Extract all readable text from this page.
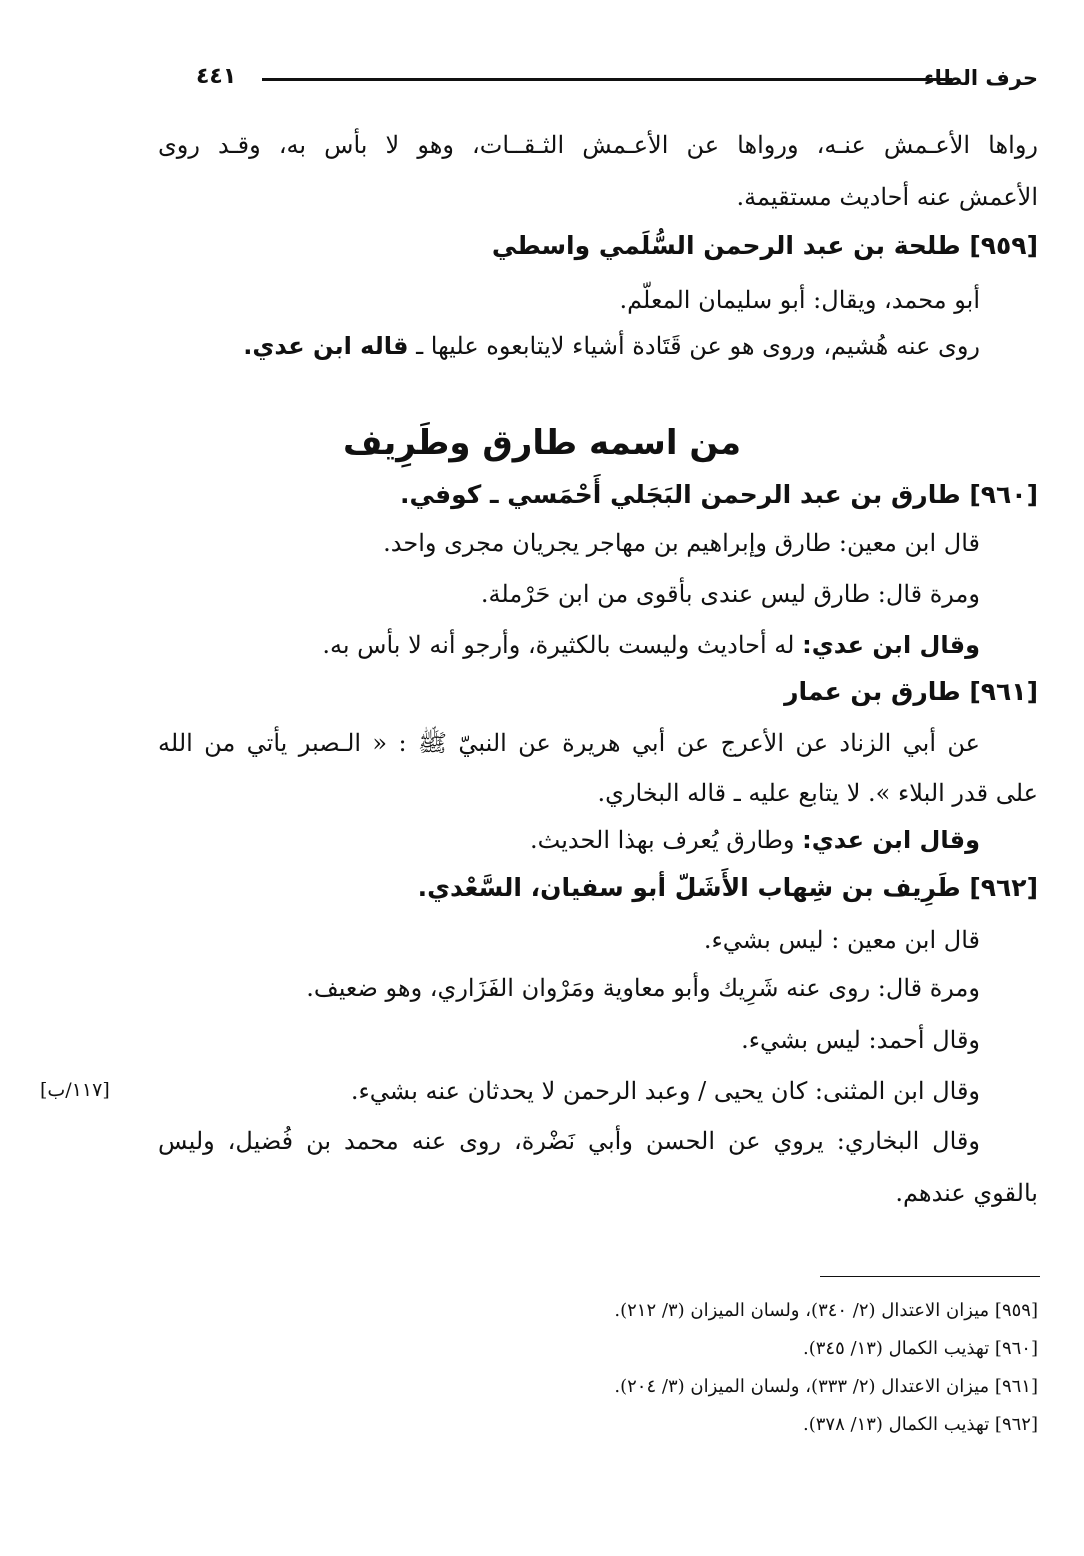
حرف الطاء
٤٤١
رواها الأعـمش عنـه، ورواها عن الأعـمش الثـقــات، وهو لا بأس به، وقـد روى
الأعمش عنه أحاديث مستقيمة.
[٩٥٩] طلحة بن عبد الرحمن السُّلَمي واسطي
أبو محمد، ويقال: أبو سليمان المعلّم.
روى عنه هُشيم، وروى هو عن قَتَادة أشياء لايتابعوه عليها ـ قاله ابن عدي.
من اسمه طارق وطَرِيف
[٩٦٠] طارق بن عبد الرحمن البَجَلي أَحْمَسي ـ كوفي.
قال ابن معين: طارق وإبراهيم بن مهاجر يجريان مجرى واحد.
ومرة قال: طارق ليس عندى بأقوى من ابن حَرْملة.
وقال ابن عدي: له أحاديث وليست بالكثيرة، وأرجو أنه لا بأس به.
[٩٦١] طارق بن عمار
عن أبي الزناد عن الأعرج عن أبي هريرة عن النبيّ ﷺ : « الـصبر يأتي من الله
على قدر البلاء ». لا يتابع عليه ـ قاله البخاري.
وقال ابن عدي: وطارق يُعرف بهذا الحديث.
[٩٦٢] طَرِيف بن شِهاب الأَشَلّ أبو سفيان، السَّعْدي.
قال ابن معين : ليس بشيء.
ومرة قال: روى عنه شَرِيك وأبو معاوية ومَرْوان الفَزَاري، وهو ضعيف.
وقال أحمد: ليس بشيء.
وقال ابن المثنى: كان يحيى / وعبد الرحمن لا يحدثان عنه بشيء.
[١١٧/ب]
وقال البخاري: يروي عن الحسن وأبي نَضْرة، روى عنه محمد بن فُضيل، وليس
بالقوي عندهم.
[٩٥٩] ميزان الاعتدال (٢/ ٣٤٠)، ولسان الميزان (٣/ ٢١٢).
[٩٦٠] تهذيب الكمال (١٣/ ٣٤٥).
[٩٦١] ميزان الاعتدال (٢/ ٣٣٣)، ولسان الميزان (٣/ ٢٠٤).
[٩٦٢] تهذيب الكمال (١٣/ ٣٧٨).
